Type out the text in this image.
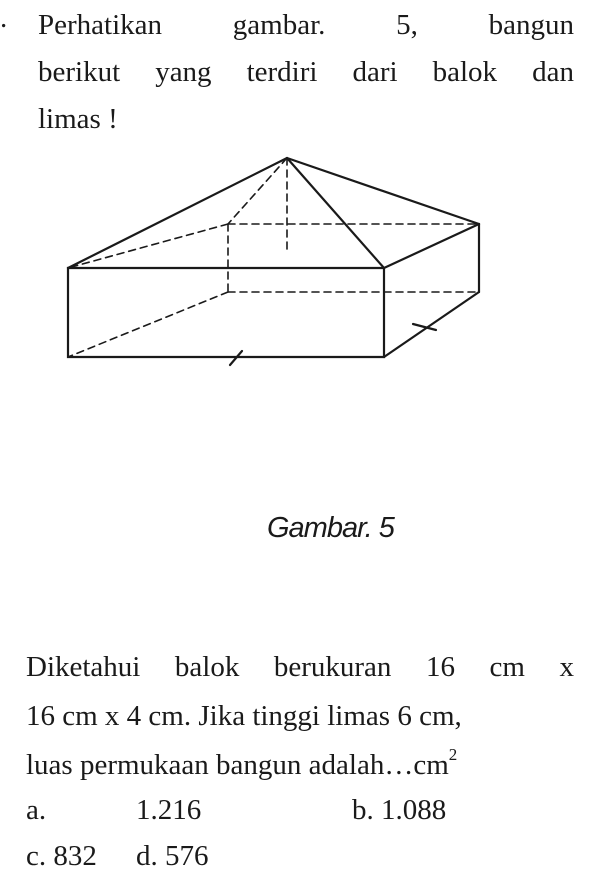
. Perhatikan gambar. 5, bangun
berikut yang terdiri dari balok dan
limas !
Gambar. 5
Diketahui balok berukuran 16 cm x
16 cm x 4 cm. Jika tinggi limas 6 cm,
luas permukaan bangun $adalah\dots cm^2$
a.	1.216	b. 1.088
c. 832 d. 576
